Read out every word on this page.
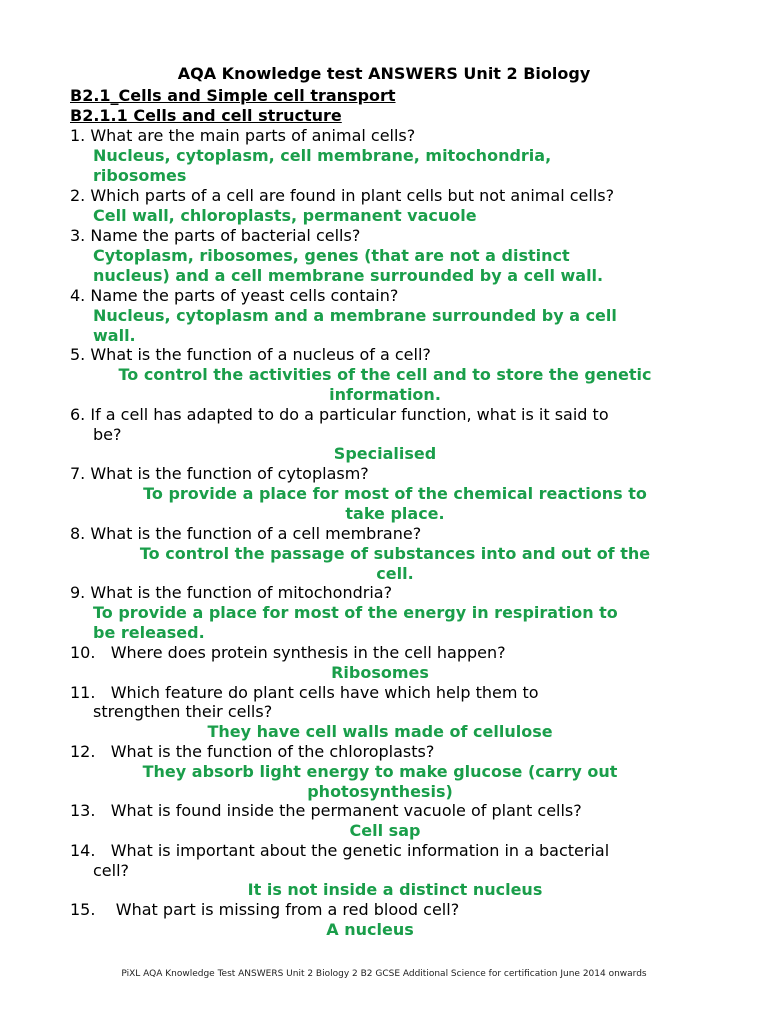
AQA Knowledge test ANSWERS Unit 2 Biology
B2.1_Cells and Simple cell transport
B2.1.1 Cells and cell structure
1. What are the main parts of animal cells?
Nucleus, cytoplasm, cell membrane, mitochondria,
ribosomes
2. Which parts of a cell are found in plant cells but not animal cells?
Cell wall, chloroplasts, permanent vacuole
3. Name the parts of bacterial cells?
Cytoplasm, ribosomes, genes (that are not a distinct
nucleus) and a cell membrane surrounded by a cell wall.
4. Name the parts of yeast cells contain?
Nucleus, cytoplasm and a membrane surrounded by a cell
wall.
5. What is the function of a nucleus of a cell?
To control the activities of the cell and to store the genetic
information.
6. If a cell has adapted to do a particular function, what is it said to
be?
Specialised
7. What is the function of cytoplasm?
To provide a place for most of the chemical reactions to
take place.
8. What is the function of a cell membrane?
To control the passage of substances into and out of the
cell.
9. What is the function of mitochondria?
To provide a place for most of the energy in respiration to
be released.
10.   Where does protein synthesis in the cell happen?
Ribosomes
11.   Which feature do plant cells have which help them to
strengthen their cells?
They have cell walls made of cellulose
12.   What is the function of the chloroplasts?
They absorb light energy to make glucose (carry out
photosynthesis)
13.   What is found inside the permanent vacuole of plant cells?
Cell sap
14.   What is important about the genetic information in a bacterial
cell?
It is not inside a distinct nucleus
15.    What part is missing from a red blood cell?
A nucleus
PiXL AQA Knowledge Test ANSWERS Unit 2 Biology 2 B2 GCSE Additional Science for certification June 2014 onwards
